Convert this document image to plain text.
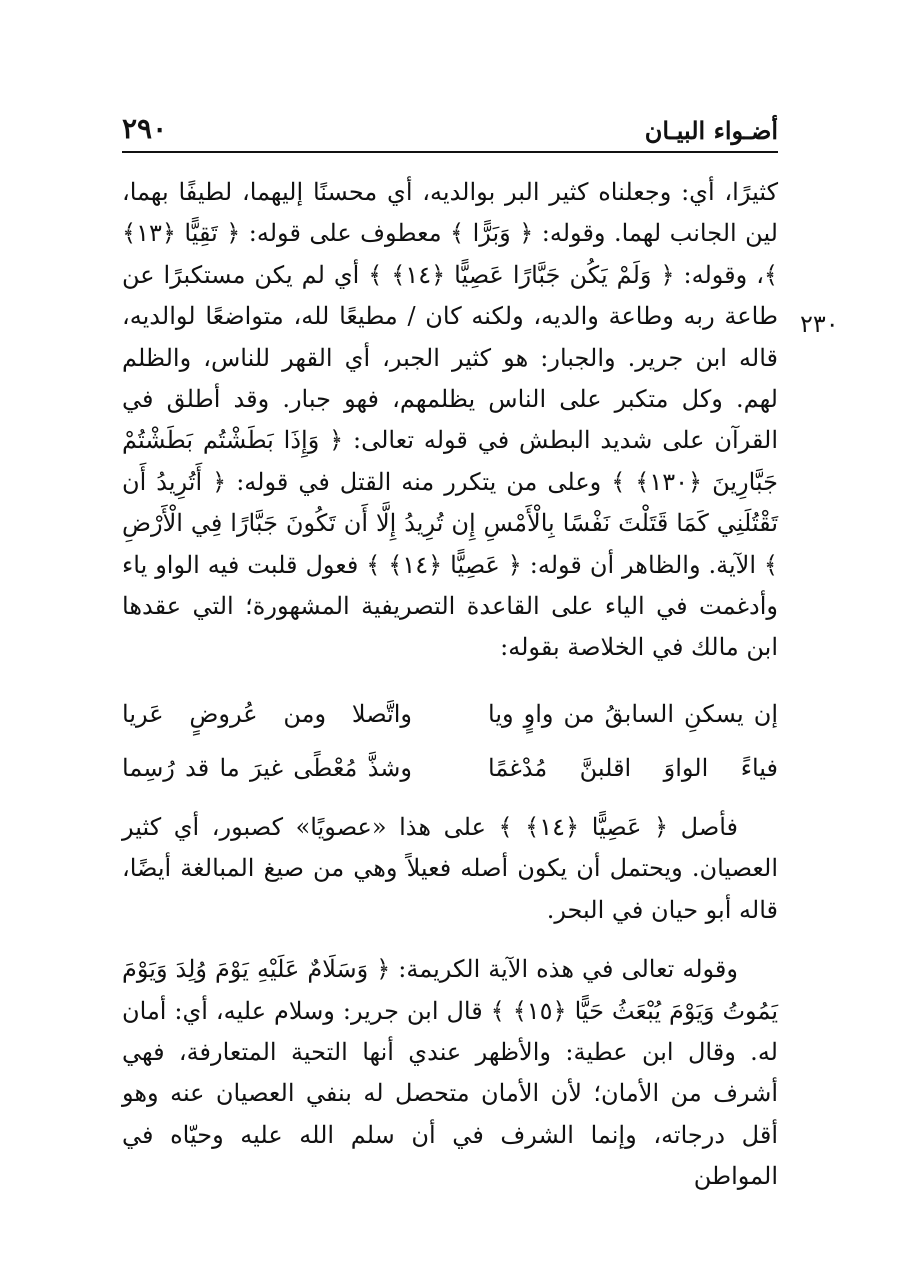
أضـواء البيـان
٢٩٠
٢٣٠

كثيرًا، أي: وجعلناه كثير البر بوالديه، أي محسنًا إليهما، لطيفًا بهما، لين الجانب لهما. وقوله: ﴿ وَبَرًّا ﴾ معطوف على قوله: ﴿ تَقِيًّا ﴿١٣﴾ ﴾، وقوله: ﴿ وَلَمْ يَكُن جَبَّارًا عَصِيًّا ﴿١٤﴾ ﴾ أي لم يكن مستكبرًا عن طاعة ربه وطاعة والديه، ولكنه كان / مطيعًا لله، متواضعًا لوالديه، قاله ابن جرير. والجبار: هو كثير الجبر، أي القهر للناس، والظلم لهم. وكل متكبر على الناس يظلمهم، فهو جبار. وقد أطلق في القرآن على شديد البطش في قوله تعالى: ﴿ وَإِذَا بَطَشْتُم بَطَشْتُمْ جَبَّارِينَ ﴿١٣٠﴾ ﴾ وعلى من يتكرر منه القتل في قوله: ﴿ أَتُرِيدُ أَن تَقْتُلَنِي كَمَا قَتَلْتَ نَفْسًا بِالْأَمْسِ إِن تُرِيدُ إِلَّا أَن تَكُونَ جَبَّارًا فِي الْأَرْضِ ﴾ الآية. والظاهر أن قوله: ﴿ عَصِيًّا ﴿١٤﴾ ﴾ فعول قلبت فيه الواو ياء وأدغمت في الياء على القاعدة التصريفية المشهورة؛ التي عقدها ابن مالك في الخلاصة بقوله:

إن يسكنِ السابقُ من واوٍ ويا
واتَّصلا ومن عُروضٍ عَريا
فياءً الواوَ اقلبنَّ مُدْغمًا
وشذَّ مُعْطًى غيرَ ما قد رُسِما

فأصل ﴿ عَصِيًّا ﴿١٤﴾ ﴾ على هذا «عصويًا» كصبور، أي كثير العصيان. ويحتمل أن يكون أصله فعيلاً وهي من صيغ المبالغة أيضًا، قاله أبو حيان في البحر.

وقوله تعالى في هذه الآية الكريمة: ﴿ وَسَلَامٌ عَلَيْهِ يَوْمَ وُلِدَ وَيَوْمَ يَمُوتُ وَيَوْمَ يُبْعَثُ حَيًّا ﴿١٥﴾ ﴾ قال ابن جرير: وسلام عليه، أي: أمان له. وقال ابن عطية: والأظهر عندي أنها التحية المتعارفة، فهي أشرف من الأمان؛ لأن الأمان متحصل له بنفي العصيان عنه وهو أقل درجاته، وإنما الشرف في أن سلم الله عليه وحيّاه في المواطن
